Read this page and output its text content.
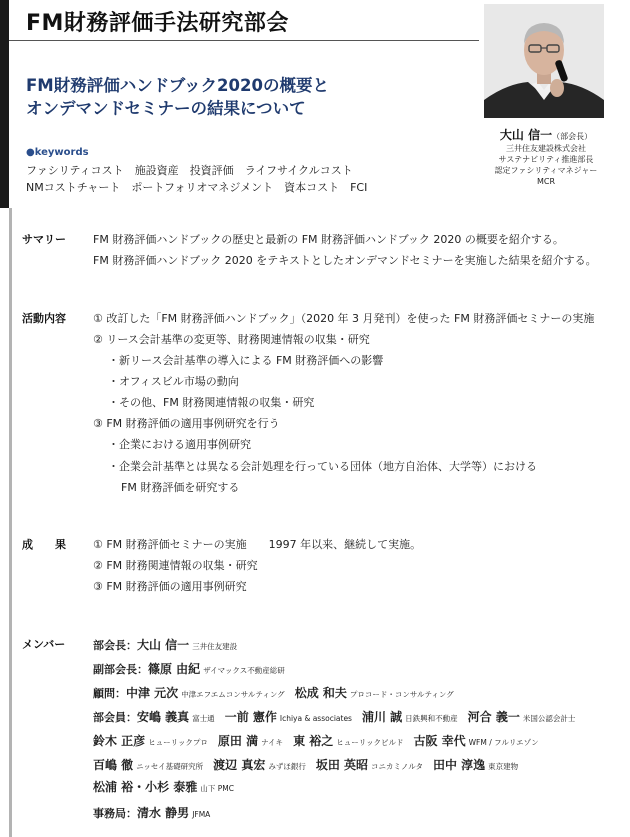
FM財務評価手法研究部会
FM財務評価ハンドブック2020の概要と
オンデマンドセミナーの結果について
●keywords
ファシリティコスト 施設資産 投資評価 ライフサイクルコスト
NMコストチャート ポートフォリオマネジメント 資本コスト FCI
大山 信一（部会長）
三井住友建設株式会社
サステナビリティ推進部長
認定ファシリティマネジャー
MCR
サマリー FM 財務評価ハンドブックの歴史と最新の FM 財務評価ハンドブック 2020 の概要を紹介する。
FM 財務評価ハンドブック 2020 をテキストとしたオンデマンドセミナーを実施した結果を紹介する。
活動内容 ① 改訂した「FM 財務評価ハンドブック」（2020 年 3 月発刊）を使った FM 財務評価セミナーの実施
② リース会計基準の変更等、財務関連情報の収集・研究
・新リース会計基準の導入による FM 財務評価への影響
・オフィスビル市場の動向
・その他、FM 財務関連情報の収集・研究
③ FM 財務評価の適用事例研究を行う
・企業における適用事例研究
・企業会計基準とは異なる会計処理を行っている団体（地方自治体、大学等）における
FM 財務評価を研究する
成　　果 ① FM 財務評価セミナーの実施　　1997 年以来、継続して実施。
② FM 財務関連情報の収集・研究
③ FM 財務評価の適用事例研究
メンバー	部会長：大山 信一 三井住友建設
副部会長：篠原 由紀 ザイマックス不動産総研
顧問：中津 元次 中津エフエムコンサルティング 松成 和夫 プロコード・コンサルティング
部会員：安嶋 義真 富士通 一前 憲作 Ichiya & associates 浦川 誠 日鉄興和不動産 河合 義一 米国公認会計士
鈴木 正彦 ヒューリックプロ 原田 満 ナイキ 東 裕之 ヒューリックビルド 古阪 幸代 WFM / フルリエゾン
百嶋 徹 ニッセイ基礎研究所 渡辺 真宏 みずほ銀行 坂田 英昭 コニカミノルタ 田中 淳逸 東京建物
松浦 裕・小杉 泰雅 山下 PMC
事務局：清水 静男 JFMA
